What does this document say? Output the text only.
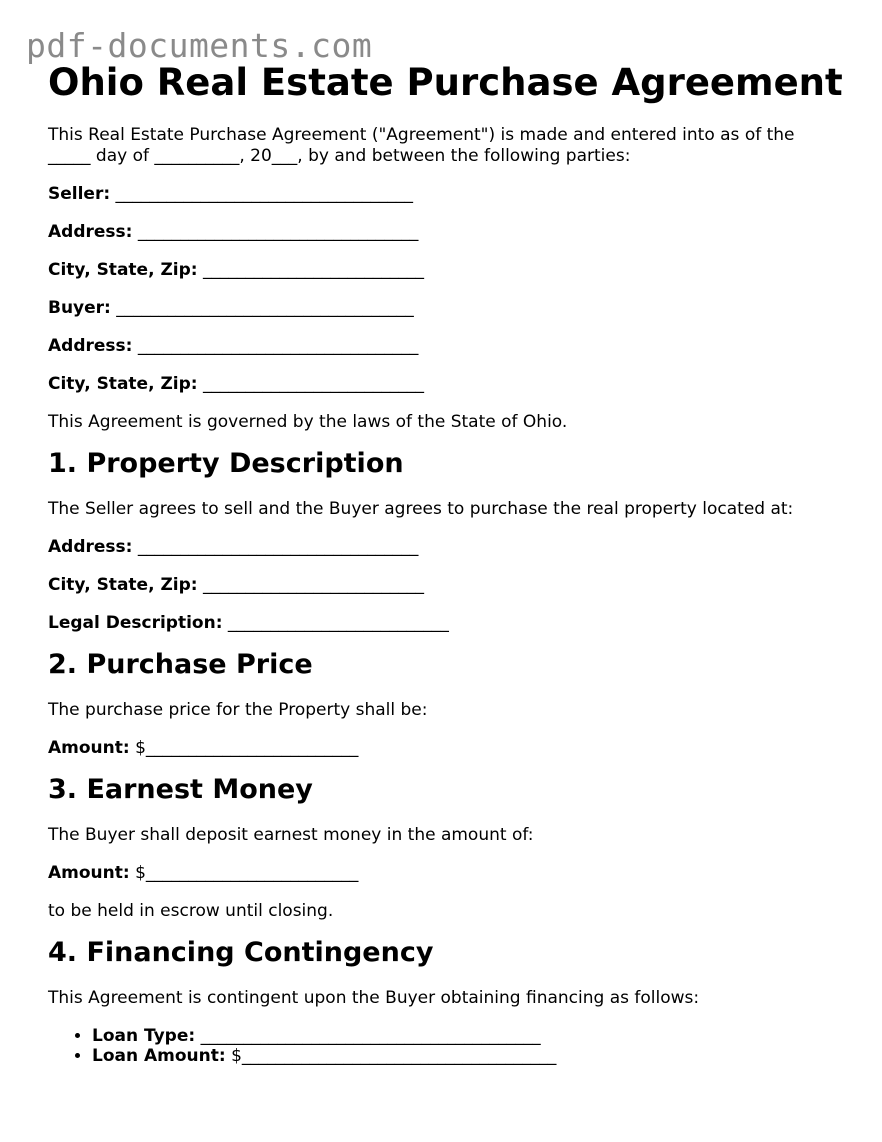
pdf-documents.com
Ohio Real Estate Purchase Agreement

This Real Estate Purchase Agreement ("Agreement") is made and entered into as of the

_____ day of __________, 20___, by and between the following parties:

Seller: ___________________________________

Address: _________________________________

City, State, Zip: __________________________

Buyer: ___________________________________

Address: _________________________________

City, State, Zip: __________________________

This Agreement is governed by the laws of the State of Ohio.

1. Property Description

The Seller agrees to sell and the Buyer agrees to purchase the real property located at:

Address: _________________________________

City, State, Zip: __________________________

Legal Description: __________________________

2. Purchase Price

The purchase price for the Property shall be:

Amount: $_________________________

3. Earnest Money

The Buyer shall deposit earnest money in the amount of:

Amount: $_________________________

to be held in escrow until closing.

4. Financing Contingency

This Agreement is contingent upon the Buyer obtaining financing as follows:

• Loan Type: ________________________________________
• Loan Amount: $_____________________________________
